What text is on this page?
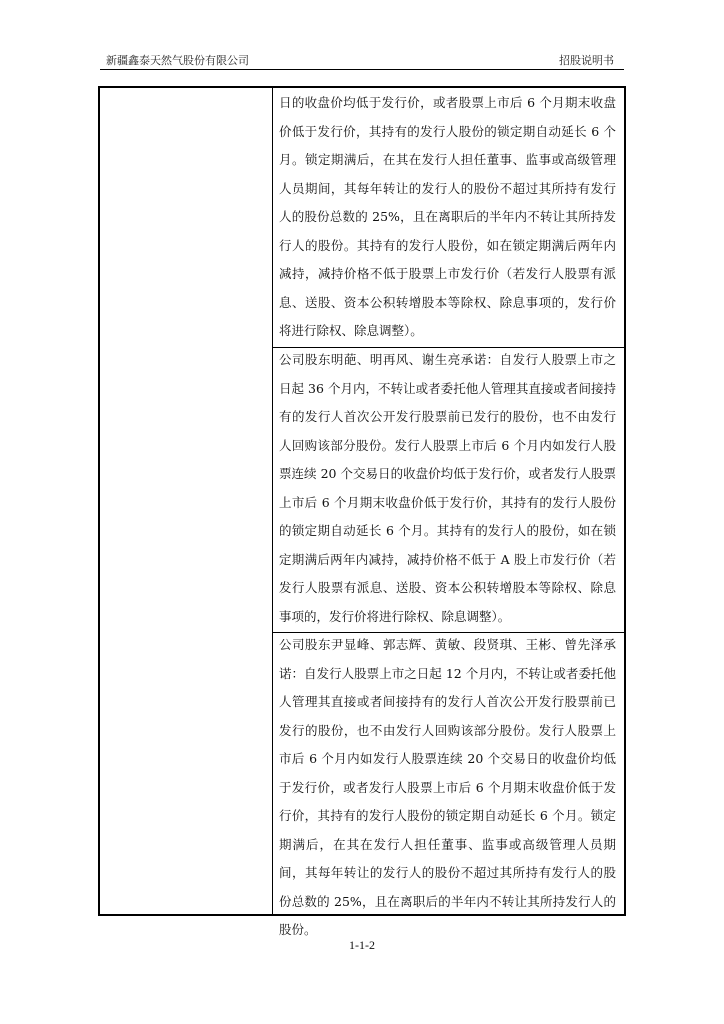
新疆鑫泰天然气股份有限公司	招股说明书
日的收盘价均低于发行价，或者股票上市后 6 个月期末收盘价低于发行价，其持有的发行人股份的锁定期自动延长 6 个月。锁定期满后，在其在发行人担任董事、监事或高级管理人员期间，其每年转让的发行人的股份不超过其所持有发行人的股份总数的 25%，且在离职后的半年内不转让其所持发行人的股份。其持有的发行人股份，如在锁定期满后两年内减持，减持价格不低于股票上市发行价（若发行人股票有派息、送股、资本公积转增股本等除权、除息事项的，发行价将进行除权、除息调整）。
公司股东明葩、明再风、谢生亮承诺：自发行人股票上市之日起 36 个月内，不转让或者委托他人管理其直接或者间接持有的发行人首次公开发行股票前已发行的股份，也不由发行人回购该部分股份。发行人股票上市后 6 个月内如发行人股票连续 20 个交易日的收盘价均低于发行价，或者发行人股票上市后 6 个月期末收盘价低于发行价，其持有的发行人股份的锁定期自动延长 6 个月。其持有的发行人的股份，如在锁定期满后两年内减持，减持价格不低于 A 股上市发行价（若发行人股票有派息、送股、资本公积转增股本等除权、除息事项的，发行价将进行除权、除息调整）。
公司股东尹显峰、郭志辉、黄敏、段贤琪、王彬、曾先泽承诺：自发行人股票上市之日起 12 个月内，不转让或者委托他人管理其直接或者间接持有的发行人首次公开发行股票前已发行的股份，也不由发行人回购该部分股份。发行人股票上市后 6 个月内如发行人股票连续 20 个交易日的收盘价均低于发行价，或者发行人股票上市后 6 个月期末收盘价低于发行价，其持有的发行人股份的锁定期自动延长 6 个月。锁定期满后，在其在发行人担任董事、监事或高级管理人员期间，其每年转让的发行人的股份不超过其所持有发行人的股份总数的 25%，且在离职后的半年内不转让其所持发行人的股份。
1-1-2
